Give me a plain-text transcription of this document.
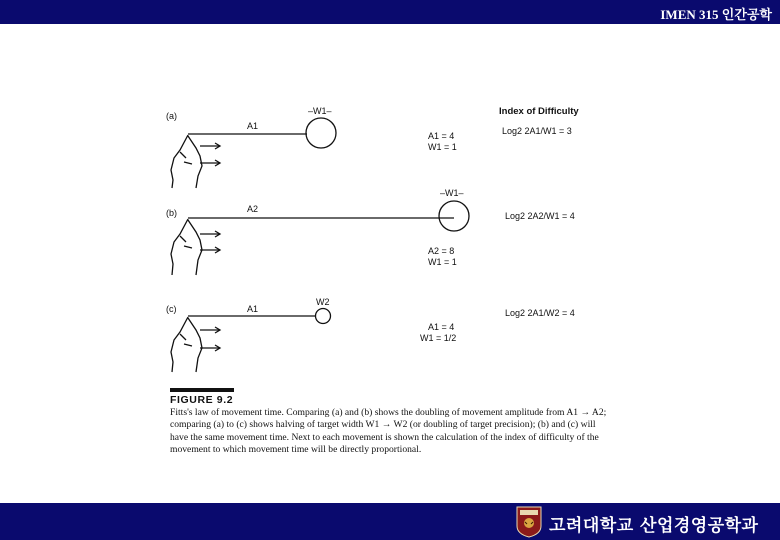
IMEN 315 인간공학
Index of Difficulty
(a)
A1
–W1–
A1 = 4
W1 = 1
Log2 2A1/W1 = 3
(b)	A2
–W1–
A2 = 8
W1 = 1
Log2 2A2/W1 = 4
(c)	A1
W2
A1 = 4
W1 = 1/2
Log2 2A1/W2 = 4
FIGURE 9.2
Fitts's law of movement time. Comparing (a) and (b) shows the doubling of movement amplitude from A1 → A2; comparing (a) to (c) shows halving of target width W1 → W2 (or doubling of target precision); (b) and (c) will have the same movement time. Next to each movement is shown the calculation of the index of difficulty of the movement to which movement time will be directly proportional.
고려대학교 산업경영공학과
